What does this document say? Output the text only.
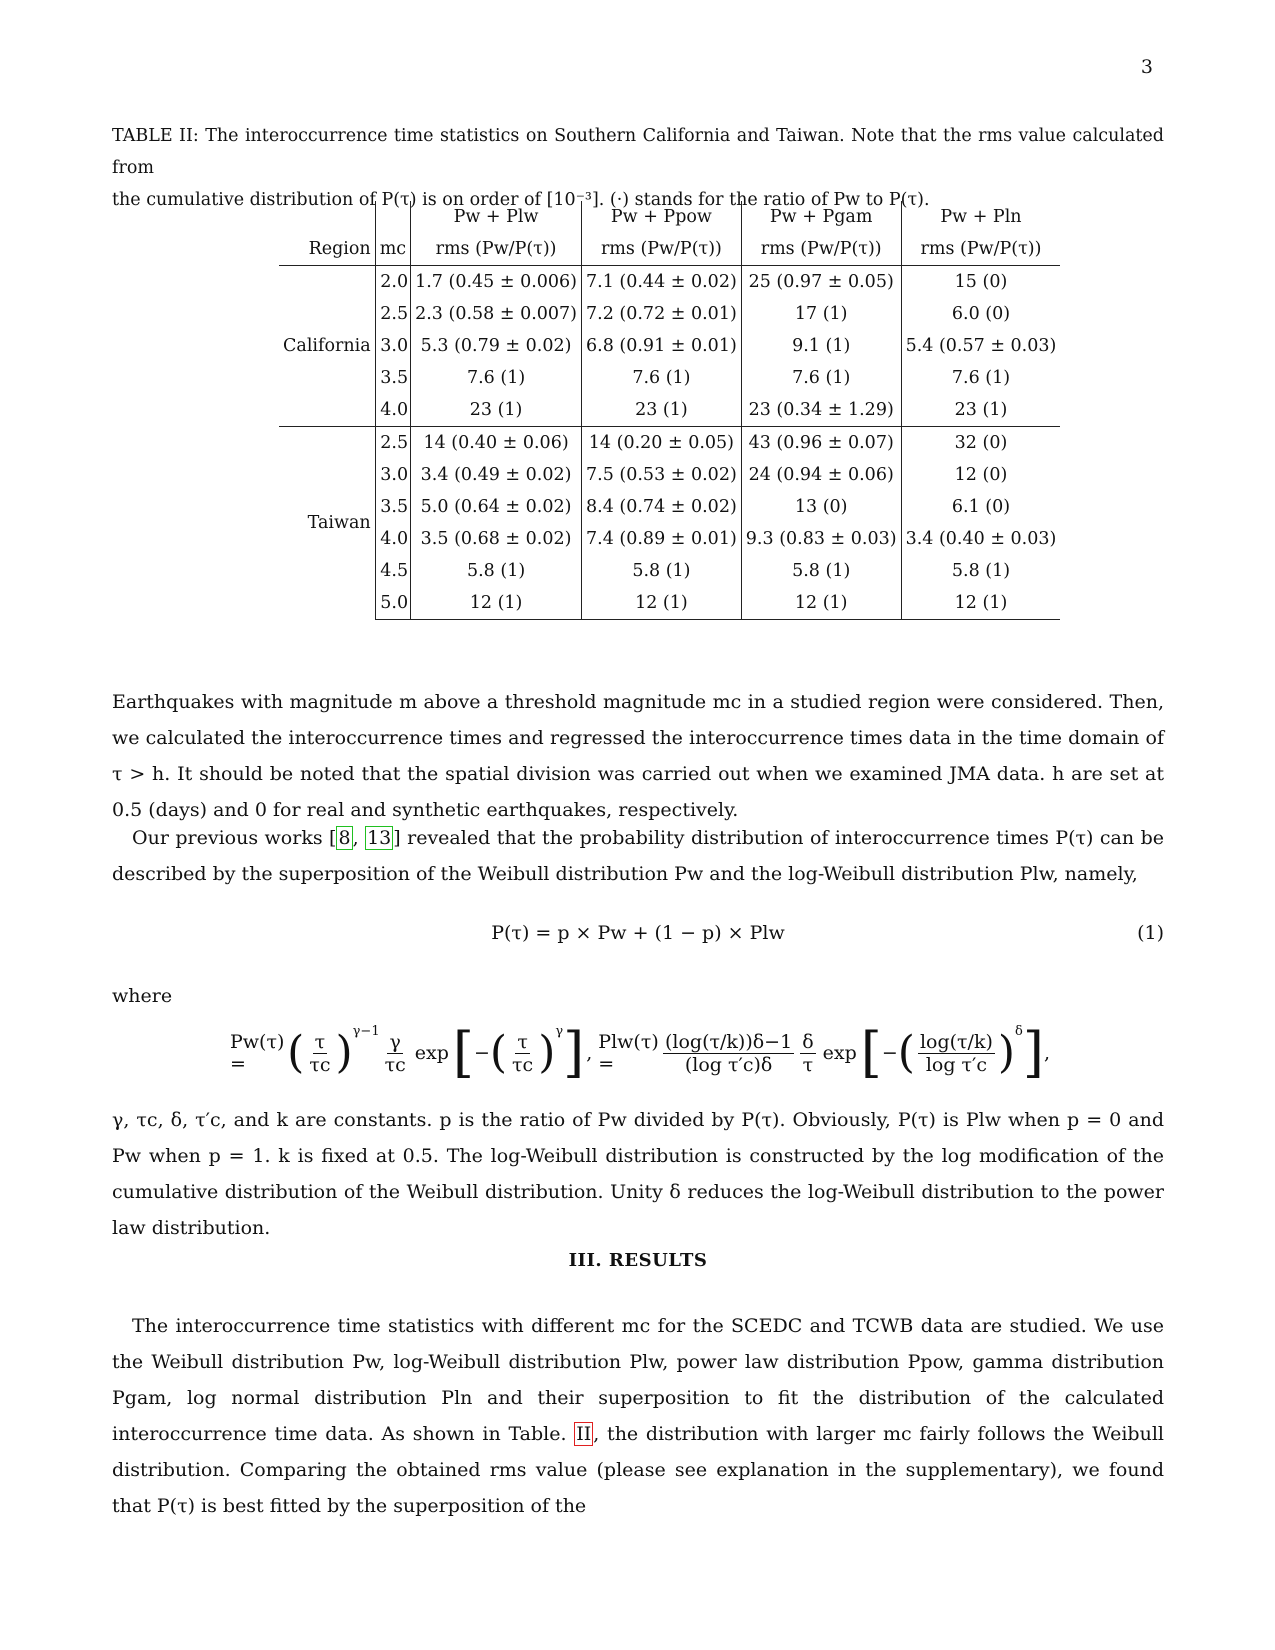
3
TABLE II: The interoccurrence time statistics on Southern California and Taiwan. Note that the rms value calculated from
the cumulative distribution of P(τ) is on order of [10⁻³]. (·) stands for the ratio of Pw to P(τ).
		Pw + Plw	Pw + Ppow	Pw + Pgam	Pw + Pln
Region	mc	rms (Pw/P(τ))	rms (Pw/P(τ))	rms (Pw/P(τ))	rms (Pw/P(τ))
California	2.0	1.7 (0.45 ± 0.006)	7.1 (0.44 ± 0.02)	25 (0.97 ± 0.05)	15 (0)
	2.5	2.3 (0.58 ± 0.007)	7.2 (0.72 ± 0.01)	17 (1)	6.0 (0)
	3.0	5.3 (0.79 ± 0.02)	6.8 (0.91 ± 0.01)	9.1 (1)	5.4 (0.57 ± 0.03)
	3.5	7.6 (1)	7.6 (1)	7.6 (1)	7.6 (1)
	4.0	23 (1)	23 (1)	23 (0.34 ± 1.29)	23 (1)
Taiwan	2.5	14 (0.40 ± 0.06)	14 (0.20 ± 0.05)	43 (0.96 ± 0.07)	32 (0)
	3.0	3.4 (0.49 ± 0.02)	7.5 (0.53 ± 0.02)	24 (0.94 ± 0.06)	12 (0)
	3.5	5.0 (0.64 ± 0.02)	8.4 (0.74 ± 0.02)	13 (0)	6.1 (0)
	4.0	3.5 (0.68 ± 0.02)	7.4 (0.89 ± 0.01)	9.3 (0.83 ± 0.03)	3.4 (0.40 ± 0.03)
	4.5	5.8 (1)	5.8 (1)	5.8 (1)	5.8 (1)
	5.0	12 (1)	12 (1)	12 (1)	12 (1)
Earthquakes with magnitude m above a threshold magnitude mc in a studied region were considered. Then, we calculated the interoccurrence times and regressed the interoccurrence times data in the time domain of τ > h. It should be noted that the spatial division was carried out when we examined JMA data. h are set at 0.5 (days) and 0 for real and synthetic earthquakes, respectively.
Our previous works [ 8 , 13 ] revealed that the probability distribution of interoccurrence times P(τ) can be described by the superposition of the Weibull distribution Pw and the log-Weibull distribution Plw, namely,
P(τ) = p × Pw + (1 − p) × Plw	(1)
where
Pw(τ) = ( $\frac{\tau}{\tau c} )^{\gamma-1} \frac{\gamma}{\tau c}$ exp [ − ( $\frac{\tau}{\tau c} )^\gamma$ ] , Plw(τ) =	$\frac{(\log(\tau/k))\delta-1}{\text{(log τ′c)δ}} \frac{\delta}{\tau}$ exp [ − ( $\frac{\log(\tau/k)}{\text{log τ′c}} )^\delta$ ] ,
γ, τc, δ, τ′c, and k are constants. p is the ratio of Pw divided by P(τ). Obviously, P(τ) is Plw when p = 0 and Pw when p = 1. k is fixed at 0.5. The log-Weibull distribution is constructed by the log modification of the cumulative distribution of the Weibull distribution. Unity δ reduces the log-Weibull distribution to the power law distribution.
III. RESULTS
The interoccurrence time statistics with different mc for the SCEDC and TCWB data are studied. We use the Weibull distribution Pw, log-Weibull distribution Plw, power law distribution Ppow, gamma distribution Pgam, log normal distribution Pln and their superposition to fit the distribution of the calculated interoccurrence time data. As shown in Table. II , the distribution with larger mc fairly follows the Weibull distribution. Comparing the obtained rms value (please see explanation in the supplementary), we found that P(τ) is best fitted by the superposition of the
